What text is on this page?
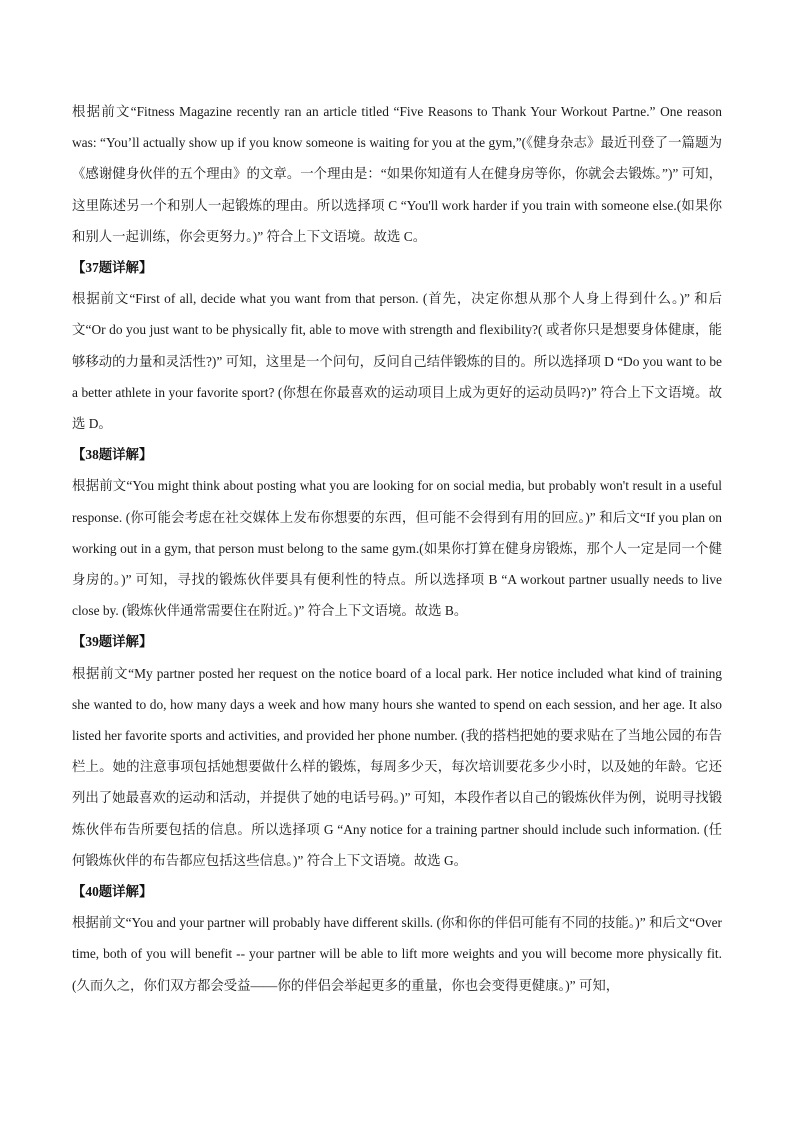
根据前文“Fitness Magazine recently ran an article titled “Five Reasons to Thank Your Workout Partne.” One reason was: “You’ll actually show up if you know someone is waiting for you at the gym,”(《健身杂志》最近刊登了一篇题为《感谢健身伙伴的五个理由》的文章。一个理由是：“如果你知道有人在健身房等你，你就会去锻炼。”)” 可知，这里陈述另一个和别人一起锻炼的理由。所以选择项 C “You'll work harder if you train with someone else.(如果你和别人一起训练，你会更努力。)” 符合上下文语境。故选 C。

【37题详解】

根据前文“First of all, decide what you want from that person. (首先，决定你想从那个人身上得到什么。)” 和后文“Or do you just want to be physically fit, able to move with strength and flexibility?( 或者你只是想要身体健康，能够移动的力量和灵活性?)” 可知，这里是一个问句，反问自己结伴锻炼的目的。所以选择项 D “Do you want to be a better athlete in your favorite sport? (你想在你最喜欢的运动项目上成为更好的运动员吗?)” 符合上下文语境。故选 D。

【38题详解】

根据前文“You might think about posting what you are looking for on social media, but probably won't result in a useful response. (你可能会考虑在社交媒体上发布你想要的东西，但可能不会得到有用的回应。)” 和后文“If you plan on working out in a gym, that person must belong to the same gym.(如果你打算在健身房锻炼，那个人一定是同一个健身房的。)” 可知，寻找的锻炼伙伴要具有便利性的特点。所以选择项 B “A workout partner usually needs to live close by. (锻炼伙伴通常需要住在附近。)” 符合上下文语境。故选 B。

【39题详解】

根据前文“My partner posted her request on the notice board of a local park. Her notice included what kind of training she wanted to do, how many days a week and how many hours she wanted to spend on each session, and her age. It also listed her favorite sports and activities, and provided her phone number. (我的搭档把她的要求贴在了当地公园的布告栏上。她的注意事项包括她想要做什么样的锻炼，每周多少天，每次培训要花多少小时，以及她的年龄。它还列出了她最喜欢的运动和活动，并提供了她的电话号码。)” 可知，本段作者以自己的锻炼伙伴为例，说明寻找锻炼伙伴布告所要包括的信息。所以选择项 G “Any notice for a training partner should include such information. (任何锻炼伙伴的布告都应包括这些信息。)” 符合上下文语境。故选 G。

【40题详解】

根据前文“You and your partner will probably have different skills. (你和你的伴侣可能有不同的技能。)” 和后文“Over time, both of you will benefit -- your partner will be able to lift more weights and you will become more physically fit.(久而久之，你们双方都会受益——你的伴侣会举起更多的重量，你也会变得更健康。)” 可知，
